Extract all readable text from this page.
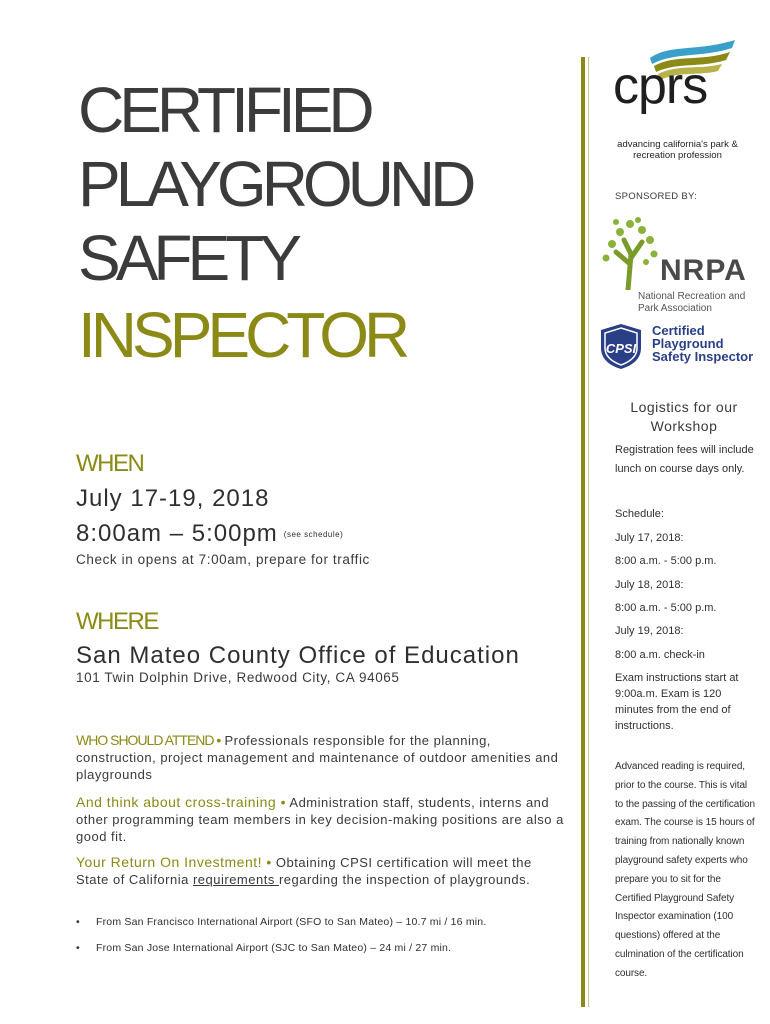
CERTIFIED
PLAYGROUND
SAFETY
INSPECTOR
WHEN
July 17-19, 2018
8:00am – 5:00pm (see schedule)
Check in opens at 7:00am, prepare for traffic
WHERE
San Mateo County Office of Education
101 Twin Dolphin Drive, Redwood City, CA 94065
WHO SHOULD ATTEND • Professionals responsible for the planning, construction, project management and maintenance of outdoor amenities and playgrounds
And think about cross-training • Administration staff, students, interns and other programming team members in key decision-making positions are also a good fit.
Your Return On Investment! • Obtaining CPSI certification will meet the State of California requirements regarding the inspection of playgrounds.
• From San Francisco International Airport (SFO to San Mateo) – 10.7 mi / 16 min.
• From San Jose International Airport (SJC to San Mateo) – 24 mi / 27 min.
cprs
advancing california's park & recreation profession
SPONSORED BY:
NRPA
National Recreation and Park Association
CPSI
Certified Playground Safety Inspector
Logistics for our Workshop
Registration fees will include lunch on course days only.
Schedule:
July 17, 2018:
8:00 a.m. - 5:00 p.m.
July 18, 2018:
8:00 a.m. - 5:00 p.m.
July 19, 2018:
8:00 a.m. check-in
Exam instructions start at 9:00a.m. Exam is 120 minutes from the end of instructions.
Advanced reading is required, prior to the course. This is vital to the passing of the certification exam. The course is 15 hours of training from nationally known playground safety experts who prepare you to sit for the Certified Playground Safety Inspector examination (100 questions) offered at the culmination of the certification course.
